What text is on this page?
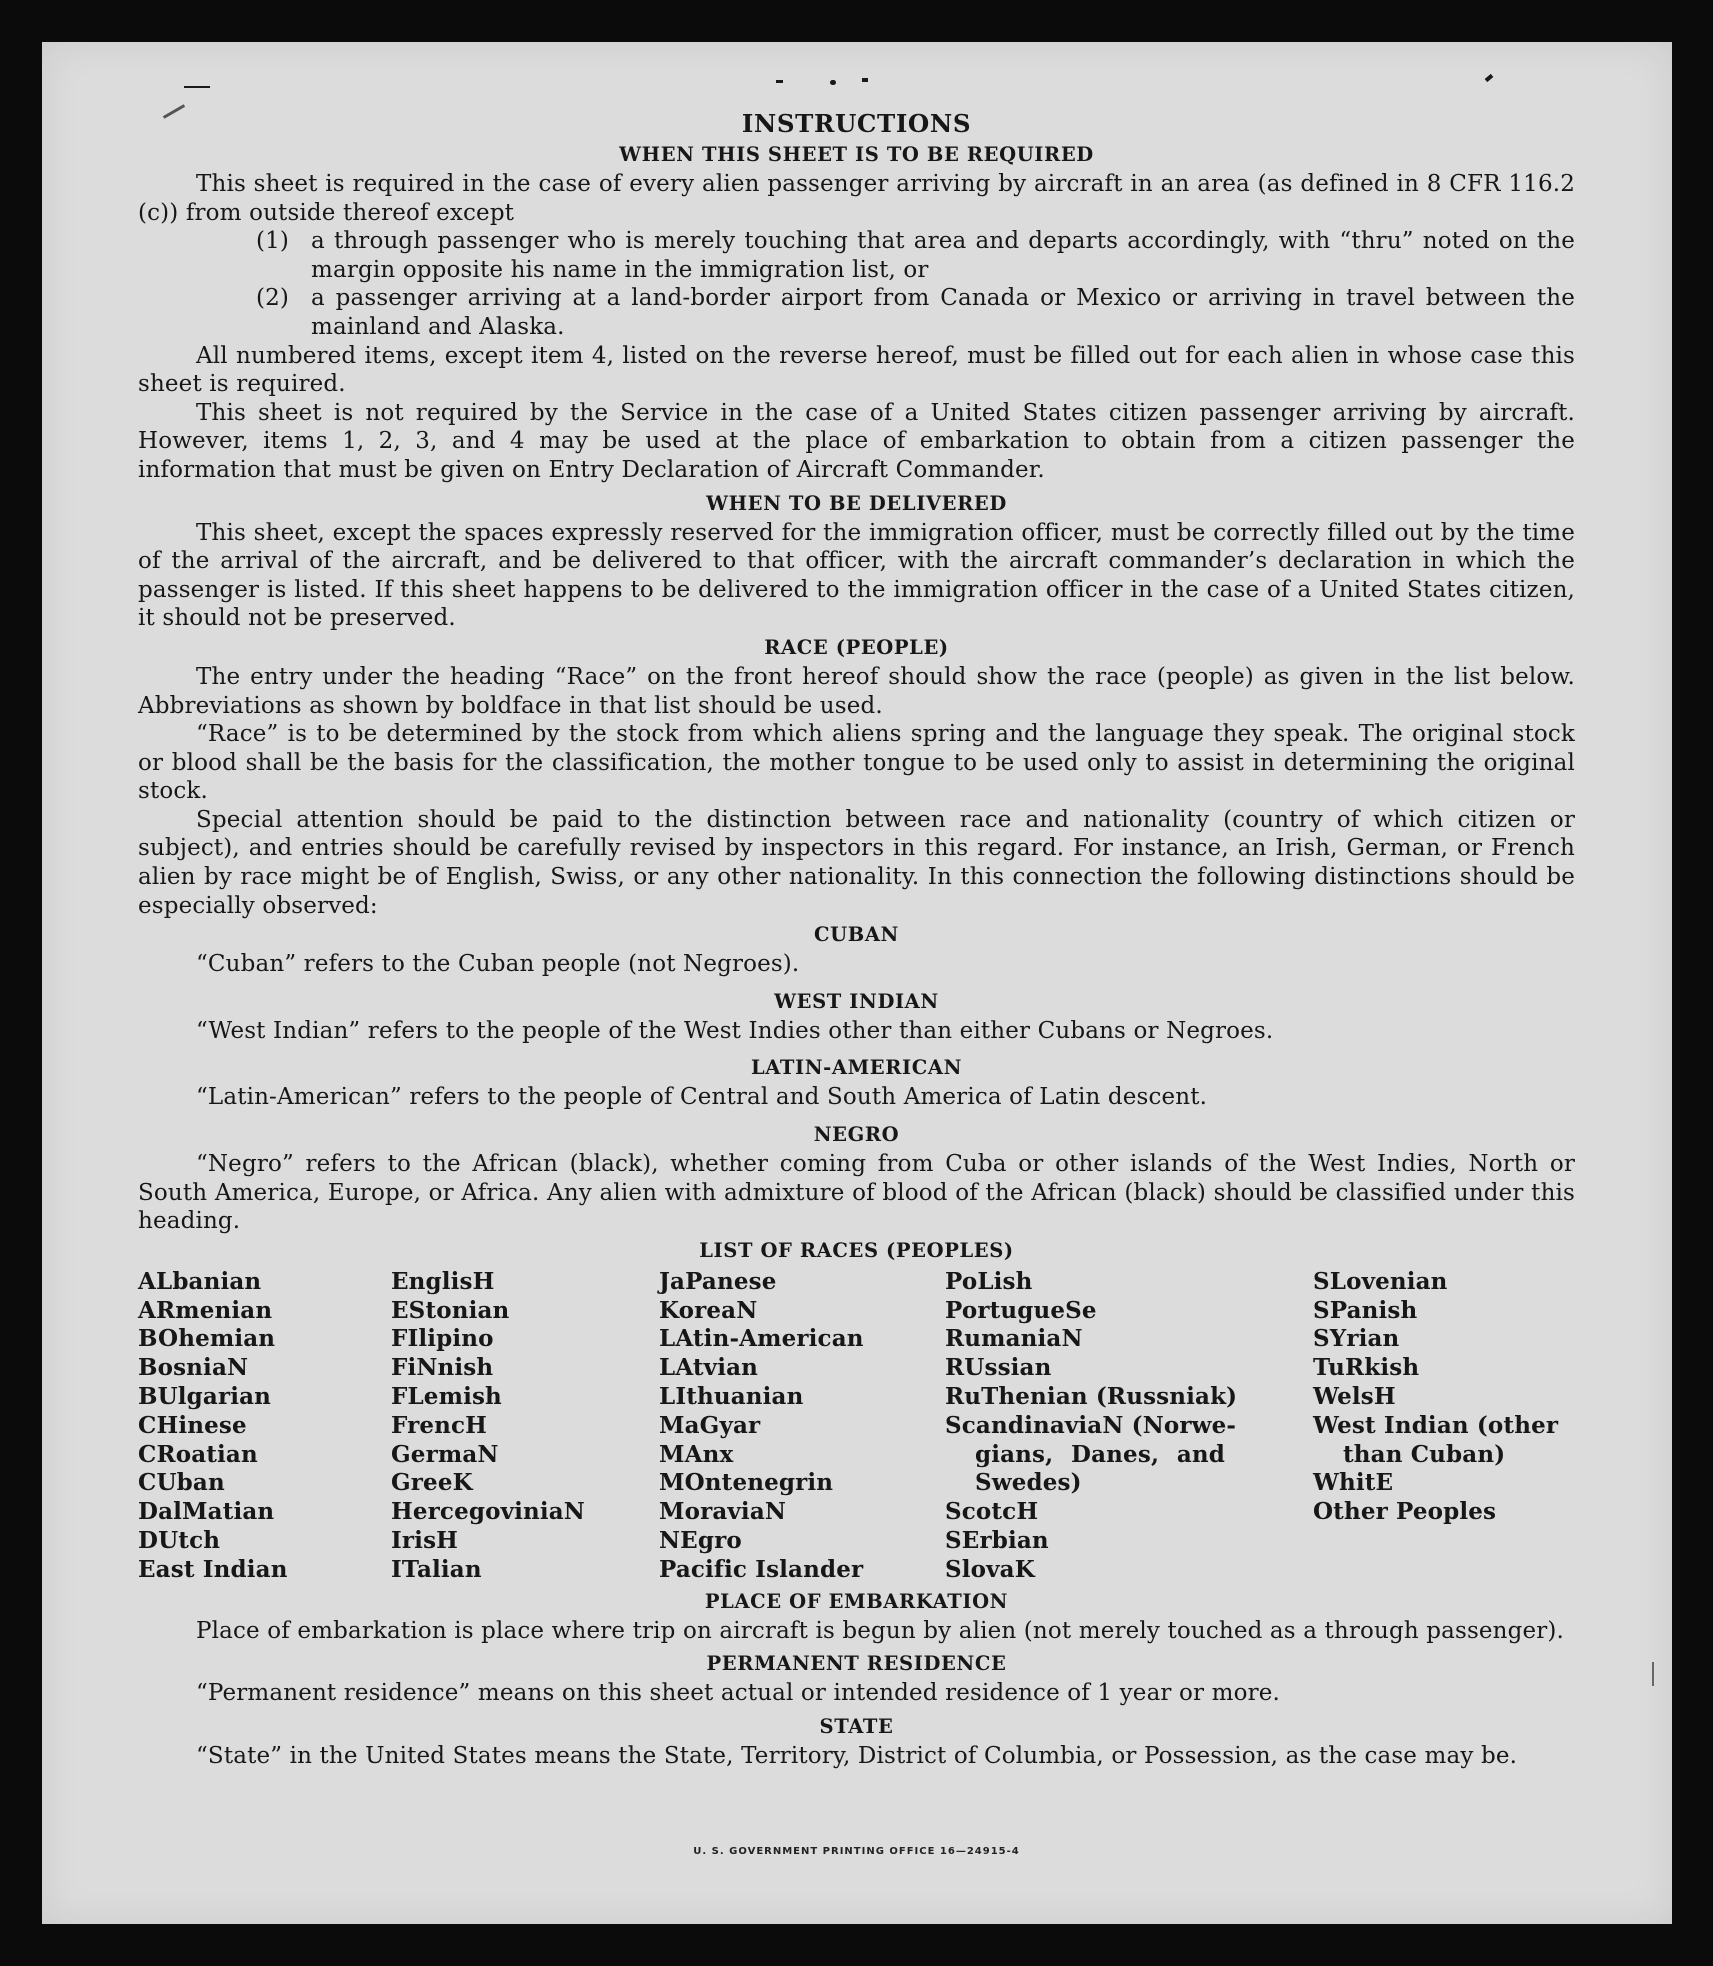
INSTRUCTIONS
WHEN THIS SHEET IS TO BE REQUIRED

This sheet is required in the case of every alien passenger arriving by aircraft in an area (as defined in 8 CFR 116.2 (c)) from outside thereof except

(1) a through passenger who is merely touching that area and departs accordingly, with “thru” noted on the margin opposite his name in the immigration list, or
(2) a passenger arriving at a land-border airport from Canada or Mexico or arriving in travel between the mainland and Alaska.

All numbered items, except item 4, listed on the reverse hereof, must be filled out for each alien in whose case this sheet is required.

This sheet is not required by the Service in the case of a United States citizen passenger arriving by aircraft. However, items 1, 2, 3, and 4 may be used at the place of embarkation to obtain from a citizen passenger the information that must be given on Entry Declaration of Aircraft Commander.

WHEN TO BE DELIVERED

This sheet, except the spaces expressly reserved for the immigration officer, must be correctly filled out by the time of the arrival of the aircraft, and be delivered to that officer, with the aircraft commander’s declaration in which the passenger is listed. If this sheet happens to be delivered to the immigration officer in the case of a United States citizen, it should not be preserved.

RACE (PEOPLE)

The entry under the heading “Race” on the front hereof should show the race (people) as given in the list below. Abbreviations as shown by boldface in that list should be used.

“Race” is to be determined by the stock from which aliens spring and the language they speak. The original stock or blood shall be the basis for the classification, the mother tongue to be used only to assist in determining the original stock.

Special attention should be paid to the distinction between race and nationality (country of which citizen or subject), and entries should be carefully revised by inspectors in this regard. For instance, an Irish, German, or French alien by race might be of English, Swiss, or any other nationality. In this connection the following distinctions should be especially observed:

CUBAN

“Cuban” refers to the Cuban people (not Negroes).

WEST INDIAN

“West Indian” refers to the people of the West Indies other than either Cubans or Negroes.

LATIN-AMERICAN

“Latin-American” refers to the people of Central and South America of Latin descent.

NEGRO

“Negro” refers to the African (black), whether coming from Cuba or other islands of the West Indies, North or South America, Europe, or Africa. Any alien with admixture of blood of the African (black) should be classified under this heading.

LIST OF RACES (PEOPLES)
ALbanian
ARmenian
BOhemian
BosniaN
BUlgarian
CHinese
CRoatian
CUban
DalMatian
DUtch
East Indian
EnglisH
EStonian
FIlipino
FiNnish
FLemish
FrencH
GermaN
GreeK
HercegoviniaN
IrisH
ITalian
JaPanese
KoreaN
LAtin-American
LAtvian
LIthuanian
MaGyar
MAnx
MOntenegrin
MoraviaN
NEgro
Pacific Islander
PoLish
PortugueSe
RumaniaN
RUssian
RuThenian (Russniak)
ScandinaviaN (Norwe-
gians, Danes, and Swedes)
ScotcH
SErbian
SlovaK
SLovenian
SPanish
SYrian
TuRkish
WelsH
West Indian (other
than Cuban)
WhitE
Other Peoples
PLACE OF EMBARKATION

Place of embarkation is place where trip on aircraft is begun by alien (not merely touched as a through passenger).

PERMANENT RESIDENCE

“Permanent residence” means on this sheet actual or intended residence of 1 year or more.

STATE

“State” in the United States means the State, Territory, District of Columbia, or Possession, as the case may be.

U. S. GOVERNMENT PRINTING OFFICE 16—24915-4
